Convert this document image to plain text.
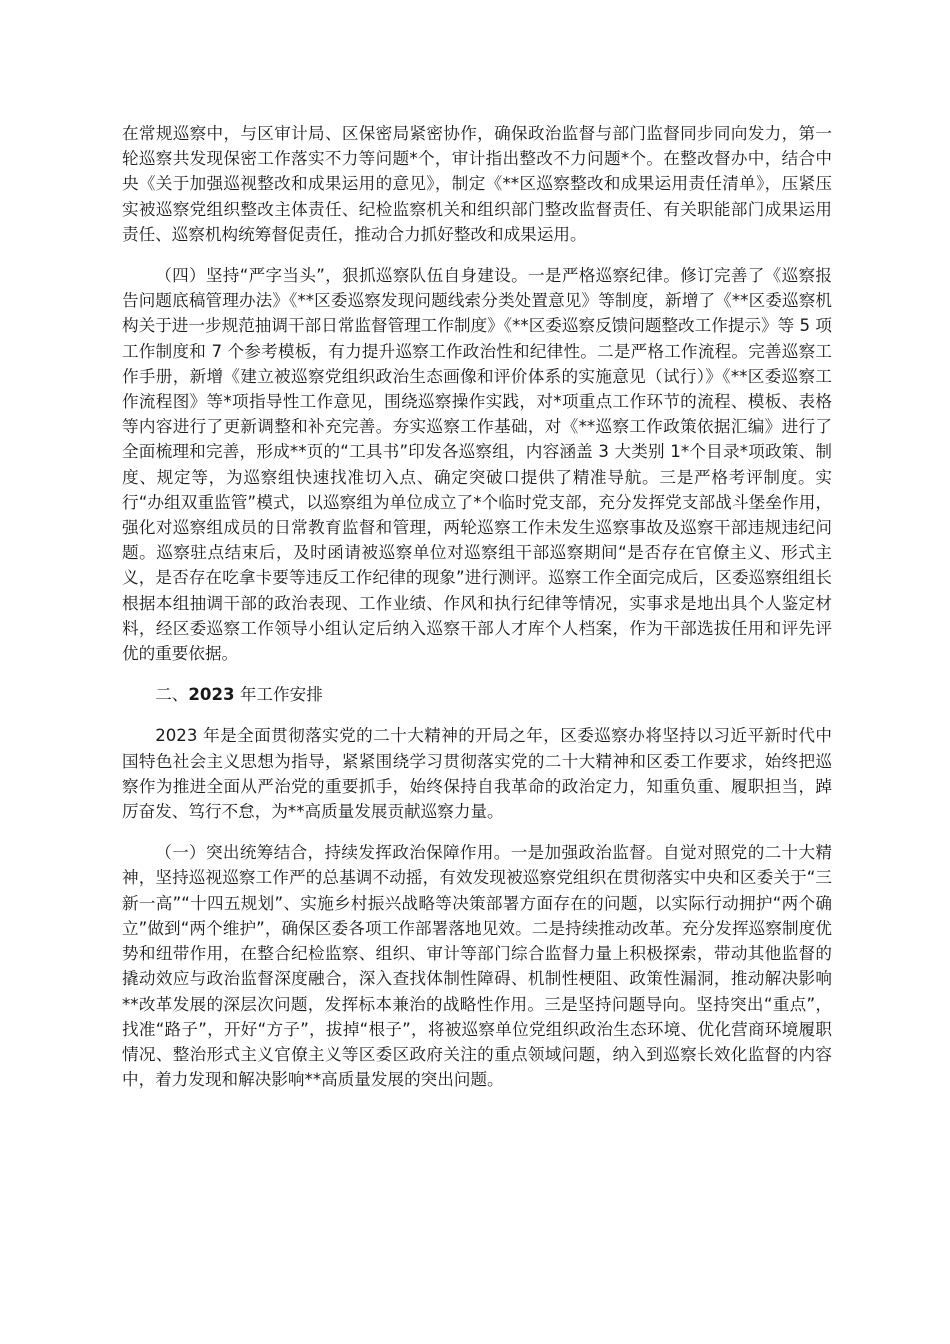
在常规巡察中，与区审计局、区保密局紧密协作，确保政治监督与部门监督同步同向发力，第一轮巡察共发现保密工作落实不力等问题*个，审计指出整改不力问题*个。在整改督办中，结合中央《关于加强巡视整改和成果运用的意见》，制定《**区巡察整改和成果运用责任清单》，压紧压实被巡察党组织整改主体责任、纪检监察机关和组织部门整改监督责任、有关职能部门成果运用责任、巡察机构统筹督促责任，推动合力抓好整改和成果运用。

（四）坚持“严字当头”，狠抓巡察队伍自身建设。一是严格巡察纪律。修订完善了《巡察报告问题底稿管理办法》《**区委巡察发现问题线索分类处置意见》等制度，新增了《**区委巡察机构关于进一步规范抽调干部日常监督管理工作制度》《**区委巡察反馈问题整改工作提示》等 5 项工作制度和 7 个参考模板，有力提升巡察工作政治性和纪律性。二是严格工作流程。完善巡察工作手册，新增《建立被巡察党组织政治生态画像和评价体系的实施意见（试行）》《**区委巡察工作流程图》等*项指导性工作意见，围绕巡察操作实践，对*项重点工作环节的流程、模板、表格等内容进行了更新调整和补充完善。夯实巡察工作基础，对《**巡察工作政策依据汇编》进行了全面梳理和完善，形成**页的“工具书”印发各巡察组，内容涵盖 3 大类别 1*个目录*项政策、制度、规定等，为巡察组快速找准切入点、确定突破口提供了精准导航。三是严格考评制度。实行“办组双重监管”模式，以巡察组为单位成立了*个临时党支部，充分发挥党支部战斗堡垒作用，强化对巡察组成员的日常教育监督和管理，两轮巡察工作未发生巡察事故及巡察干部违规违纪问题。巡察驻点结束后，及时函请被巡察单位对巡察组干部巡察期间“是否存在官僚主义、形式主义，是否存在吃拿卡要等违反工作纪律的现象”进行测评。巡察工作全面完成后，区委巡察组组长根据本组抽调干部的政治表现、工作业绩、作风和执行纪律等情况，实事求是地出具个人鉴定材料，经区委巡察工作领导小组认定后纳入巡察干部人才库个人档案，作为干部选拔任用和评先评优的重要依据。

二、2023 年工作安排

2023 年是全面贯彻落实党的二十大精神的开局之年，区委巡察办将坚持以习近平新时代中国特色社会主义思想为指导，紧紧围绕学习贯彻落实党的二十大精神和区委工作要求，始终把巡察作为推进全面从严治党的重要抓手，始终保持自我革命的政治定力，知重负重、履职担当，踔厉奋发、笃行不怠，为**高质量发展贡献巡察力量。

（一）突出统筹结合，持续发挥政治保障作用。一是加强政治监督。自觉对照党的二十大精神，坚持巡视巡察工作严的总基调不动摇，有效发现被巡察党组织在贯彻落实中央和区委关于“三新一高”“十四五规划”、实施乡村振兴战略等决策部署方面存在的问题，以实际行动拥护“两个确立”做到“两个维护”，确保区委各项工作部署落地见效。二是持续推动改革。充分发挥巡察制度优势和纽带作用，在整合纪检监察、组织、审计等部门综合监督力量上积极探索，带动其他监督的撬动效应与政治监督深度融合，深入查找体制性障碍、机制性梗阻、政策性漏洞，推动解决影响**改革发展的深层次问题，发挥标本兼治的战略性作用。三是坚持问题导向。坚持突出“重点”，找准“路子”，开好“方子”，拔掉“根子”，将被巡察单位党组织政治生态环境、优化营商环境履职情况、整治形式主义官僚主义等区委区政府关注的重点领域问题，纳入到巡察长效化监督的内容中，着力发现和解决影响**高质量发展的突出问题。
